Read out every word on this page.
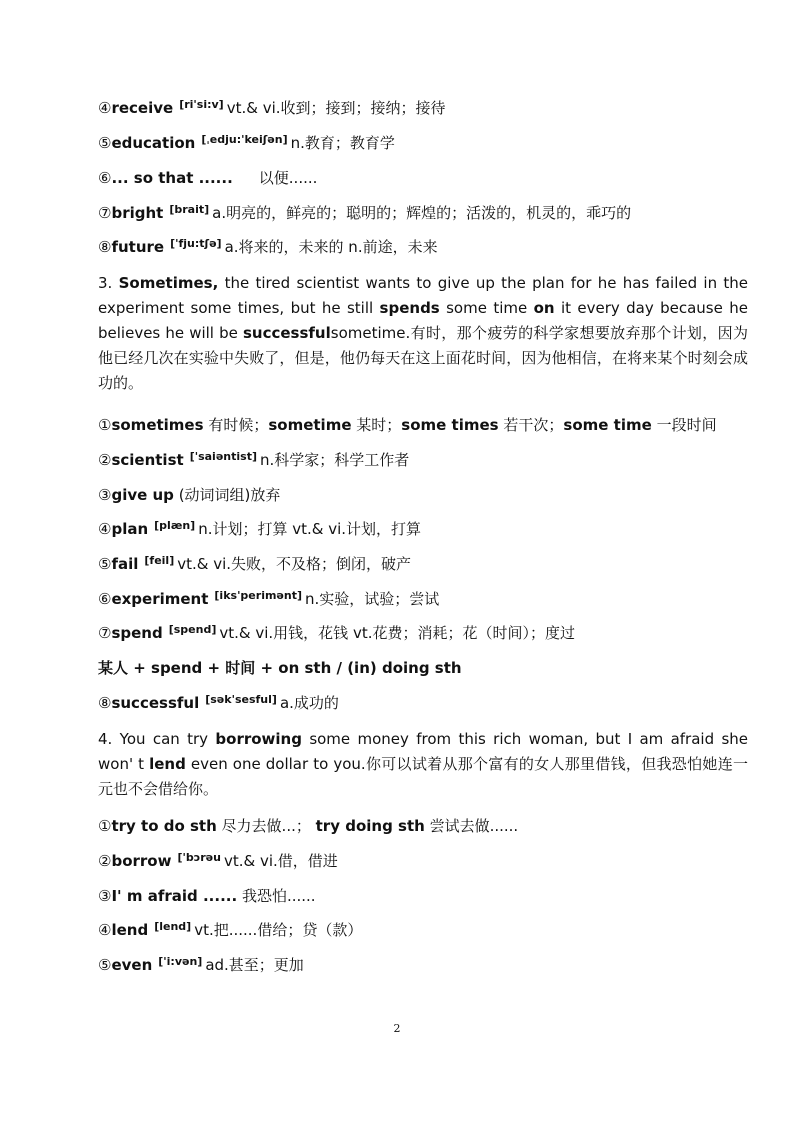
④receive [ri'si:v] vt.& vi.收到；接到；接纳；接待
⑤education [ˌedju:'keiʃən] n.教育；教育学
⑥... so that ...... 以便......
⑦bright [brait] a.明亮的，鲜亮的；聪明的；辉煌的；活泼的，机灵的，乖巧的
⑧future ['fju:tʃə] a.将来的，未来的 n.前途，未来
3. Sometimes, the tired scientist wants to give up the plan for he has failed in the experiment some times, but he still spends some time on it every day because he believes he will be successfulsometime.有时，那个疲劳的科学家想要放弃那个计划，因为他已经几次在实验中失败了，但是，他仍每天在这上面花时间，因为他相信，在将来某个时刻会成功的。
①sometimes 有时候；sometime 某时；some times 若干次；some time 一段时间
②scientist ['saiəntist] n.科学家；科学工作者
③give up (动词词组)放弃
④plan [plæn] n.计划；打算 vt.& vi.计划，打算
⑤fail [feil] vt.& vi.失败，不及格；倒闭，破产
⑥experiment [iks'perimənt] n.实验，试验；尝试
⑦spend [spend] vt.& vi.用钱，花钱 vt.花费；消耗；花（时间）；度过
某人 + spend + 时间 + on sth / (in) doing sth
⑧successful [sək'sesful] a.成功的
4. You can try borrowing some money from this rich woman, but I am afraid she won' t lend even one dollar to you.你可以试着从那个富有的女人那里借钱，但我恐怕她连一元也不会借给你。
①try to do sth 尽力去做...； try doing sth 尝试去做......
②borrow $^{['bɔrəu}$ vt.& vi.借，借进
③I' m afraid ...... 我恐怕......
④lend [lend] vt.把......借给；贷（款）
⑤even ['i:vən] ad.甚至；更加
2
